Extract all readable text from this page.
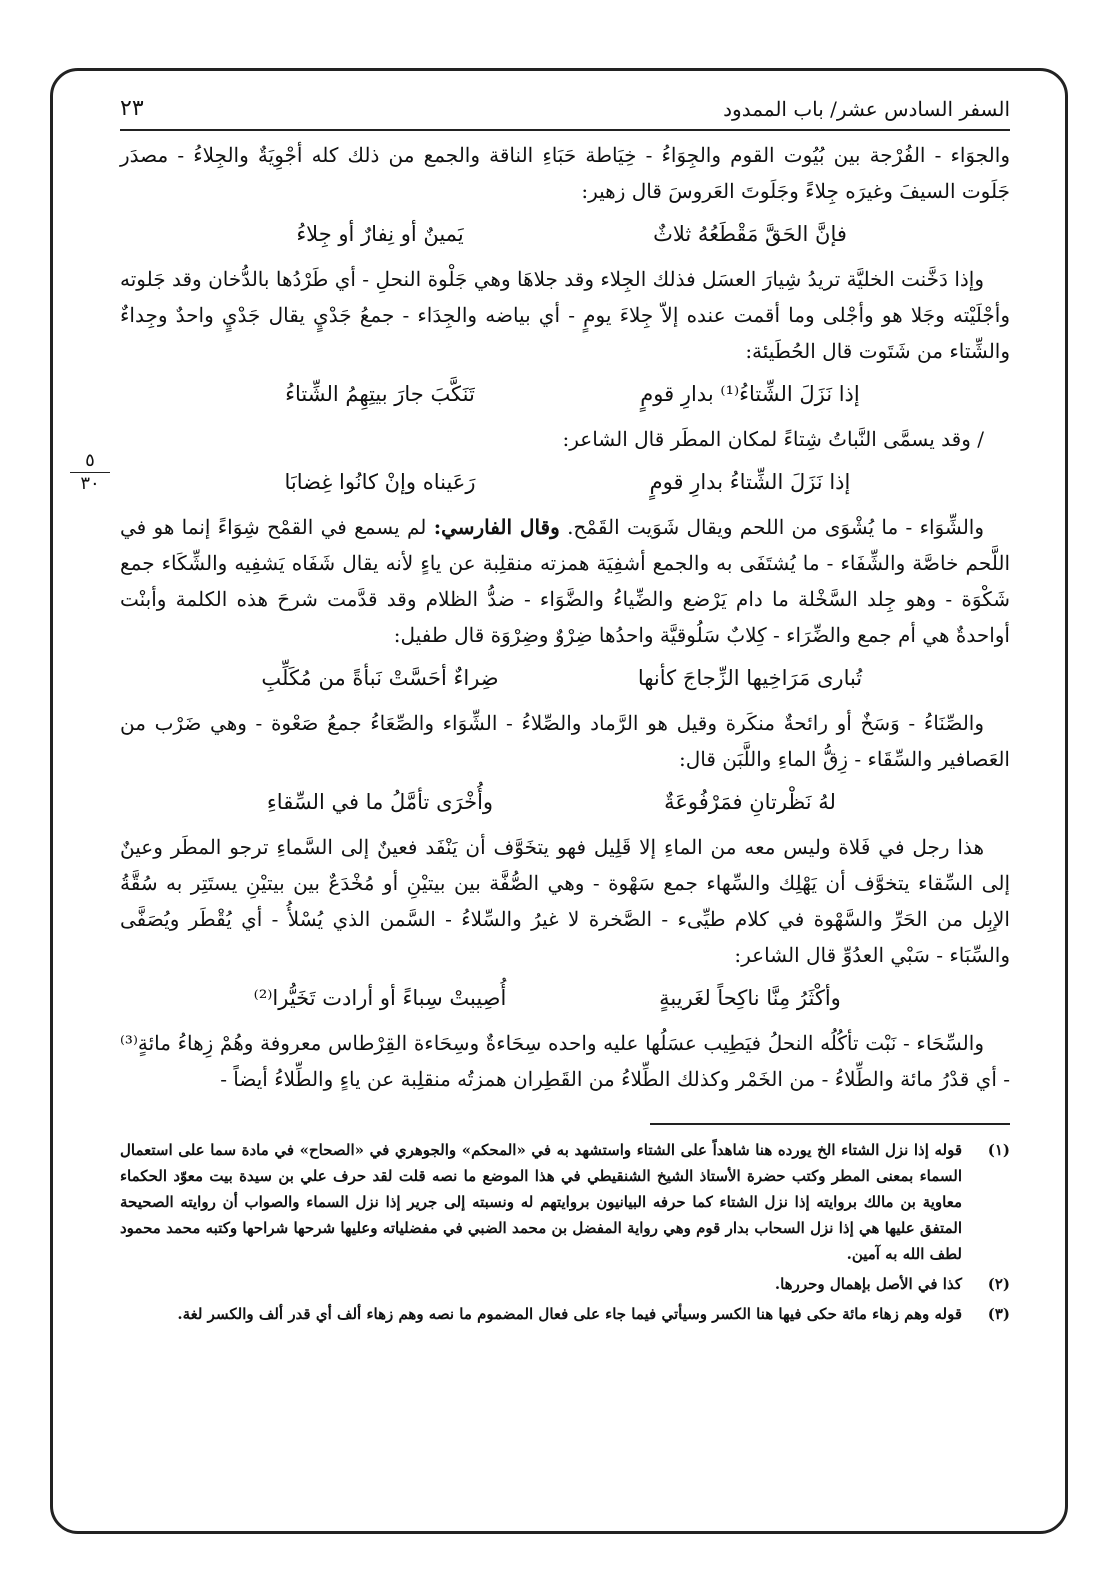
٥
٣٠
السفر السادس عشر/ باب الممدود
٢٣

والجوَاء - الفُرْجة بين بُيُوت القوم والجِوَاءُ - خِيَاطة حَبَاءِ الناقة والجمع من ذلك كله أجْوِيَةٌ والجِلاءُ - مصدَر جَلَوت السيفَ وغيرَه جِلاءً وجَلَوتَ العَروسَ قال زهير:

فإنَّ الحَقَّ مَقْطَعُهُ ثلاثٌ
يَمينٌ أو نِفارٌ أو جِلاءُ

وإذا دَخَّنت الخليَّة تريدُ شِيارَ العسَل فذلك الجِلاء وقد جلاهَا وهي جَلْوة النحلِ - أي طَرْدُها بالدُّخان وقد جَلوته وأجْلَيْته وجَلا هو وأجْلى وما أقمت عنده إلاّ جِلاءَ يومٍ - أي بياضه والجِدَاء - جمعُ جَدْيٍ يقال جَدْيٍ واحدٌ وجِداءٌ والشِّتاء من شَتَوت قال الحُطَيئة:

إذا نَزَلَ الشِّتاءُ⁽¹⁾ بدارِ قومٍ
تَنَكَّبَ جارَ بيتِهِمُ الشِّتاءُ

/ وقد يسمَّى النَّباتُ شِتاءً لمكان المطَر قال الشاعر:

إذا نَزَلَ الشِّتاءُ بدارِ قومٍ
رَعَيناه وإنْ كانُوا غِضابَا

والشِّوَاء - ما يُشْوَى من اللحم ويقال شَوَيت القَمْح. وقال الفارسي: لم يسمع في القمْح شِوَاءً إنما هو في اللَّحم خاصَّة والشِّفَاء - ما يُشتَفَى به والجمع أشفِيَة همزته منقلِبة عن ياءٍ لأنه يقال شَفَاه يَشفِيه والشِّكَاء جمع شَكْوَة - وهو جِلد السَّخْلة ما دام يَرْضع والضِّياءُ والضَّوَاء - ضدُّ الظلام وقد قدَّمت شرحَ هذه الكلمة وأبنْت أواحدةٌ هي أم جمع والضِّرَاء - كِلابٌ سَلُوقيَّة واحدُها ضِرْوٌ وضِرْوَة قال طفيل:

تُبارى مَرَاخِيها الزِّجاجَ كأنها
ضِراءٌ أحَسَّتْ نَبأةً من مُكَلِّبِ

والصِّنَاءُ - وَسَخٌ أو رائحةٌ منكَرة وقيل هو الرَّماد والصِّلاءُ - الشِّوَاء والصِّعَاءُ جمعُ صَعْوة - وهي ضَرْب من العَصافير والسِّقَاء - زِقُّ الماءِ واللَّبَن قال:

لهُ نَظْرتانِ فمَرْفُوعَةٌ
وأُخْرَى تأمَّلُ ما في السِّقاءِ

هذا رجل في فَلاة وليس معه من الماءِ إلا قَلِيل فهو يتخَوَّف أن يَنْفَد فعينٌ إلى السَّماءِ ترجو المطَر وعينٌ إلى السِّقاء يتخوَّف أن يَهْلِك والسِّهاء جمع سَهْوة - وهي الصُّفَّة بين بيتيْنِ أو مُخْدَعٌ بين بيتيْنِ يستَتِر به سُقَّةُ الإبِل من الحَرِّ والسَّهْوة في كلام طيِّىء - الصَّخرة لا غيرُ والسِّلاءُ - السَّمن الذي يُسْلأُ - أي يُقْطَر ويُصَفَّى والسِّبَاء - سَبْي العدُوِّ قال الشاعر:

وأكْثَرُ مِنَّا ناكِحاً لغَريبةٍ
أُصِيبتْ سِباءً أو أرادت تَخَيُّرا⁽²⁾

والسِّحَاء - نَبْت تأكُلُه النحلُ فيَطِيب عسَلُها عليه واحده سِحَاءةٌ وسِحَاءة القِرْطاس معروفة وهُمْ زِهاءُ مائةٍ⁽³⁾ - أي قدْرُ مائة والطِّلاءُ - من الخَمْر وكذلك الطِّلاءُ من القَطِران همزتُه منقلِبة عن ياءٍ والطِّلاءُ أيضاً -

(١)
قوله إذا نزل الشتاء الخ يورده هنا شاهداً على الشتاء واستشهد به في «المحكم» والجوهري في «الصحاح» في مادة سما على استعمال السماء بمعنى المطر وكتب حضرة الأستاذ الشيخ الشنقيطي في هذا الموضع ما نصه قلت لقد حرف علي بن سيدة بيت معوّد الحكماء معاوية بن مالك بروايته إذا نزل الشتاء كما حرفه البيانيون بروايتهم له ونسبته إلى جرير إذا نزل السماء والصواب أن روايته الصحيحة المتفق عليها هي إذا نزل السحاب بدار قوم وهي رواية المفضل بن محمد الضبي في مفضلياته وعليها شرحها شراحها وكتبه محمد محمود لطف الله به آمين.
(٢)
كذا في الأصل بإهمال وحررها.
(٣)
قوله وهم زهاء مائة حكى فيها هنا الكسر وسيأتي فيما جاء على فعال المضموم ما نصه وهم زهاء ألف أي قدر ألف والكسر لغة.
